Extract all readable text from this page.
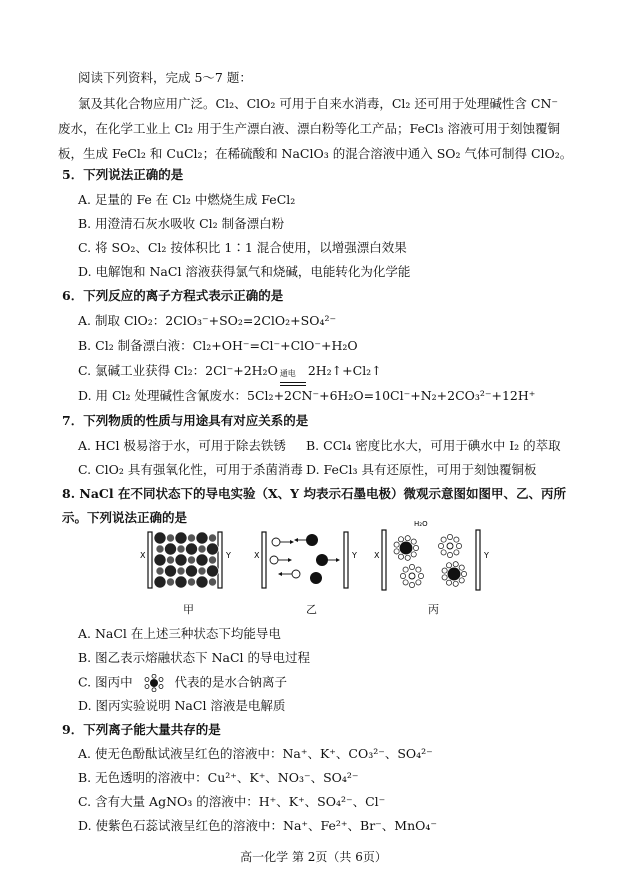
阅读下列资料，完成 5～7 题：
氯及其化合物应用广泛。Cl₂、ClO₂ 可用于自来水消毒，Cl₂ 还可用于处理碱性含 CN⁻
废水，在化学工业上 Cl₂ 用于生产漂白液、漂白粉等化工产品；FeCl₃ 溶液可用于刻蚀覆铜
板，生成 FeCl₂ 和 CuCl₂；在稀硫酸和 NaClO₃ 的混合溶液中通入 SO₂ 气体可制得 ClO₂。
5．下列说法正确的是
A. 足量的 Fe 在 Cl₂ 中燃烧生成 FeCl₂
B. 用澄清石灰水吸收 Cl₂ 制备漂白粉
C. 将 SO₂、Cl₂ 按体积比 1∶1 混合使用，以增强漂白效果
D. 电解饱和 NaCl 溶液获得氯气和烧碱，电能转化为化学能
6．下列反应的离子方程式表示正确的是
A. 制取 ClO₂：2ClO₃⁻+SO₂=2ClO₂+SO₄²⁻
B. Cl₂ 制备漂白液：Cl₂+OH⁻=Cl⁻+ClO⁻+H₂O
C. 氯碱工业获得 Cl₂：2Cl⁻+2H₂O 通电 2H₂↑+Cl₂↑
D. 用 Cl₂ 处理碱性含氰废水：5Cl₂+2CN⁻+6H₂O=10Cl⁻+N₂+2CO₃²⁻+12H⁺
7．下列物质的性质与用途具有对应关系的是
A. HCl 极易溶于水，可用于除去铁锈 B. CCl₄ 密度比水大，可用于碘水中 I₂ 的萃取
C. ClO₂ 具有强氧化性，可用于杀菌消毒 D. FeCl₃ 具有还原性，可用于刻蚀覆铜板
8. NaCl 在不同状态下的导电实验（X、Y 均表示石墨电极）微观示意图如图甲、乙、丙所
示。下列说法正确的是
X	Y
甲
X	Y
乙
X	Y
H₂O
丙
A. NaCl 在上述三种状态下均能导电
B. 图乙表示熔融状态下 NaCl 的导电过程
C. 图丙中	代表的是水合钠离子
D. 图丙实验说明 NaCl 溶液是电解质
9．下列离子能大量共存的是
A. 使无色酚酞试液呈红色的溶液中：Na⁺、K⁺、CO₃²⁻、SO₄²⁻
B. 无色透明的溶液中：Cu²⁺、K⁺、NO₃⁻、SO₄²⁻
C. 含有大量 AgNO₃ 的溶液中：H⁺、K⁺、SO₄²⁻、Cl⁻
D. 使紫色石蕊试液呈红色的溶液中：Na⁺、Fe²⁺、Br⁻、MnO₄⁻
高一化学 第 2页（共 6页）
